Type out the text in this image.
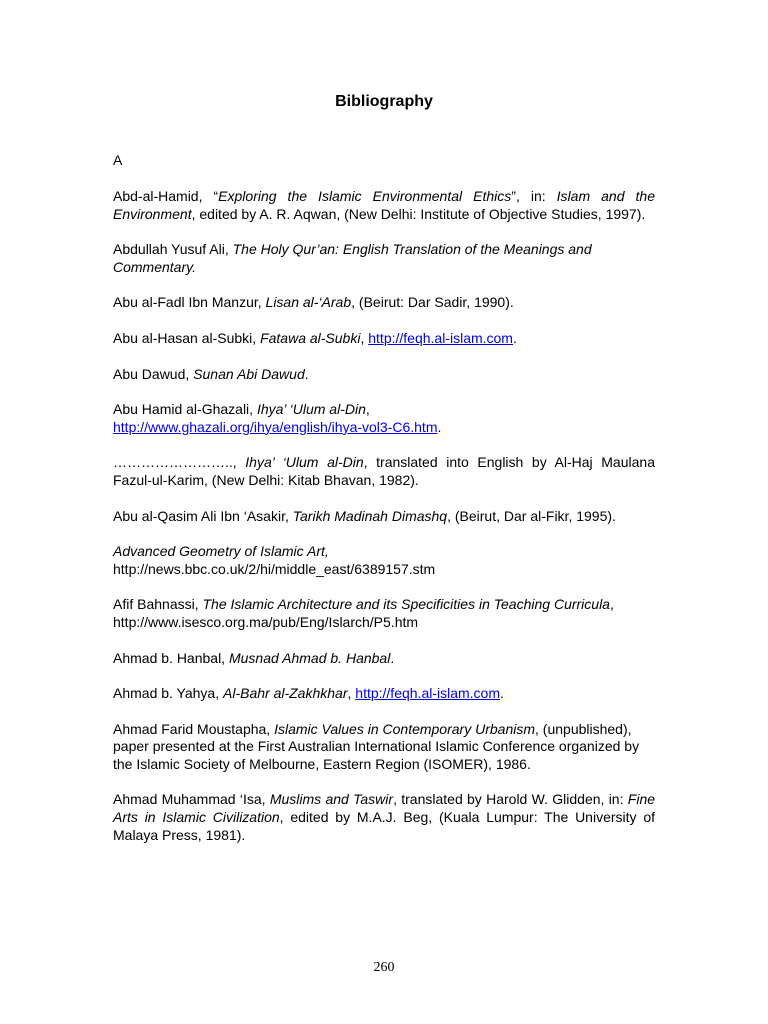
Bibliography

A

Abd-al-Hamid, “Exploring the Islamic Environmental Ethics”, in: Islam and the Environment, edited by A. R. Aqwan, (New Delhi: Institute of Objective Studies, 1997).

Abdullah Yusuf Ali, The Holy Qur’an: English Translation of the Meanings and Commentary.

Abu al-Fadl Ibn Manzur, Lisan al-‘Arab, (Beirut: Dar Sadir, 1990).

Abu al-Hasan al-Subki, Fatawa al-Subki, http://feqh.al-islam.com.

Abu Dawud, Sunan Abi Dawud.

Abu Hamid al-Ghazali, Ihya’ ‘Ulum al-Din,
http://www.ghazali.org/ihya/english/ihya-vol3-C6.htm.

…………………….., Ihya’ ‘Ulum al-Din, translated into English by Al-Haj Maulana Fazul-ul-Karim, (New Delhi: Kitab Bhavan, 1982).

Abu al-Qasim Ali Ibn ‘Asakir, Tarikh Madinah Dimashq, (Beirut, Dar al-Fikr, 1995).

Advanced Geometry of Islamic Art,
http://news.bbc.co.uk/2/hi/middle_east/6389157.stm

Afif Bahnassi, The Islamic Architecture and its Specificities in Teaching Curricula,
http://www.isesco.org.ma/pub/Eng/Islarch/P5.htm

Ahmad b. Hanbal, Musnad Ahmad b. Hanbal.

Ahmad b. Yahya, Al-Bahr al-Zakhkhar, http://feqh.al-islam.com.

Ahmad Farid Moustapha, Islamic Values in Contemporary Urbanism, (unpublished), paper presented at the First Australian International Islamic Conference organized by the Islamic Society of Melbourne, Eastern Region (ISOMER), 1986.

Ahmad Muhammad ‘Isa, Muslims and Taswir, translated by Harold W. Glidden, in: Fine Arts in Islamic Civilization, edited by M.A.J. Beg, (Kuala Lumpur: The University of Malaya Press, 1981).

260
